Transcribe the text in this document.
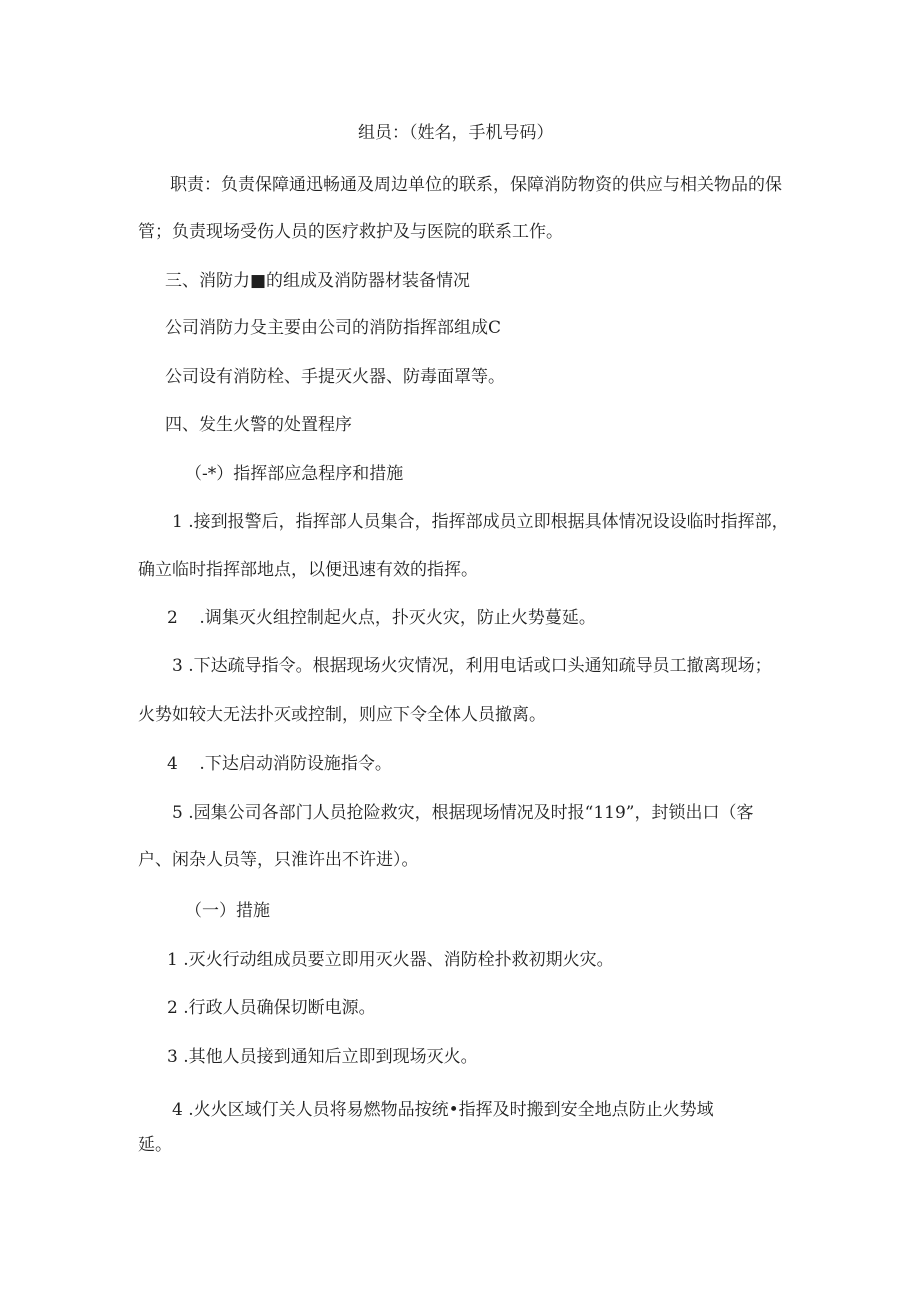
组员：（姓名，手机号码）

职责：负责保障通迅畅通及周边单位的联系，保障消防物资的供应与相关物品的保

管；负责现场受伤人员的医疗救护及与医院的联系工作。

三、消防力■的组成及消防器材装备情况

公司消防力殳主要由公司的消防指挥部组成C

公司设有消防栓、手提灭火器、防毒面罩等。

四、发生火警的处置程序

（-*）指挥部应急程序和措施

1 .接到报警后，指挥部人员集合，指挥部成员立即根据具体情况设设临时指挥部，

确立临时指挥部地点，以便迅速有效的指挥。

2    .调集灭火组控制起火点，扑灭火灾，防止火势蔓延。

3 .下达疏导指令。根据现场火灾情况，利用电话或口头通知疏导员工撤离现场；

火势如较大无法扑灭或控制，则应下令全体人员撤离。

4    .下达启动消防设施指令。

5 .园集公司各部门人员抢险救灾，根据现场情况及时报“119”，封锁出口（客

户、闲杂人员等，只淮许出不许进）。

（一）措施

1 .灭火行动组成员要立即用灭火器、消防栓扑救初期火灾。

2 .行政人员确保切断电源。

3 .其他人员接到通知后立即到现场灭火。

4 .火火区域仃关人员将易燃物品按统•指挥及时搬到安全地点防止火势域

延。
